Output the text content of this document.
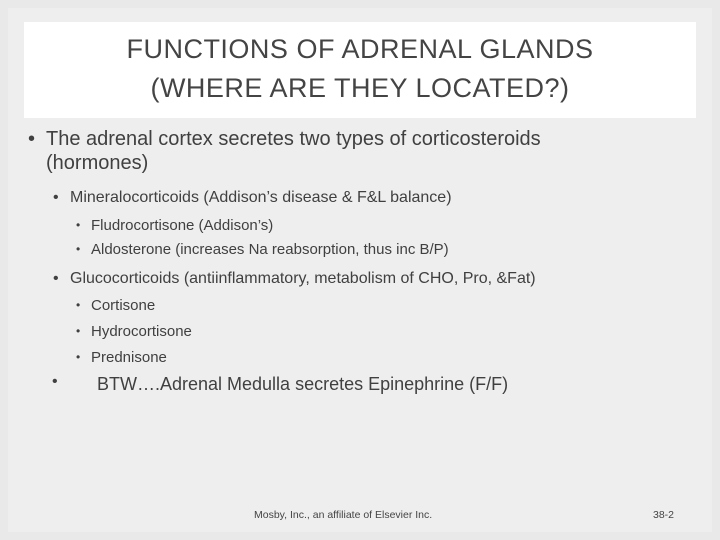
FUNCTIONS OF ADRENAL GLANDS
(WHERE ARE THEY LOCATED?)
• The adrenal cortex secretes two types of corticosteroids
(hormones)
• Mineralocorticoids (Addison’s disease & F&L balance)
• Fludrocortisone (Addison’s)
• Aldosterone (increases Na reabsorption, thus inc B/P)
• Glucocorticoids (antiinflammatory, metabolism of CHO, Pro, &Fat)
• Cortisone
• Hydrocortisone
• Prednisone
• BTW….Adrenal Medulla secretes Epinephrine (F/F)
Mosby, Inc., an affiliate of Elsevier Inc.	38-2
